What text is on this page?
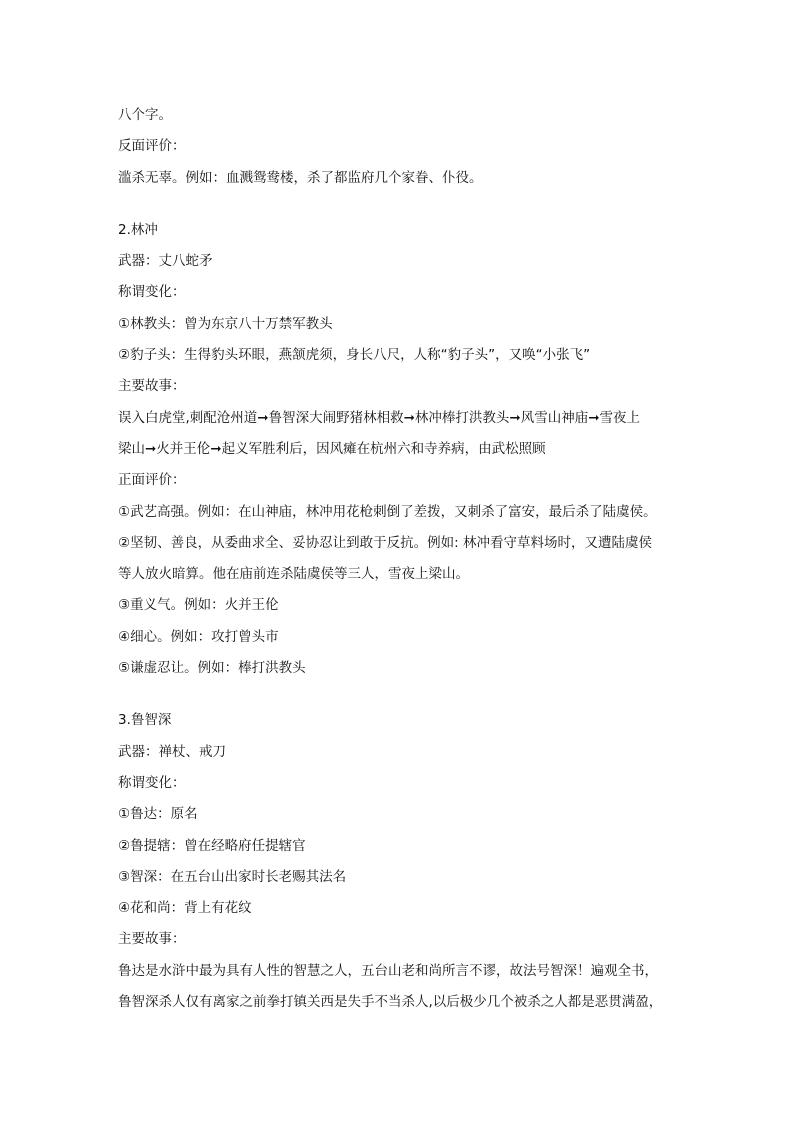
八个字。
反面评价：
滥杀无辜。例如：血溅鸳鸯楼，杀了都监府几个家眷、仆役。
2.林冲
武器：丈八蛇矛
称谓变化：
①林教头：曾为东京八十万禁军教头
②豹子头：生得豹头环眼，燕颔虎须，身长八尺，人称“豹子头”，又唤“小张飞”
主要故事：
误入白虎堂,刺配沧州道➞鲁智深大闹野猪林相救➞林冲棒打洪教头➞风雪山神庙➞雪夜上
梁山➞火并王伦➞起义军胜利后，因风瘫在杭州六和寺养病，由武松照顾
正面评价：
①武艺高强。例如：在山神庙，林冲用花枪刺倒了差拨，又刺杀了富安，最后杀了陆虞侯。
②坚韧、善良，从委曲求全、妥协忍让到敢于反抗。例如: 林冲看守草料场时，又遭陆虞侯
等人放火暗算。他在庙前连杀陆虞侯等三人，雪夜上梁山。
③重义气。例如：火并王伦
④细心。例如：攻打曾头市
⑤谦虚忍让。例如：棒打洪教头
3.鲁智深
武器：禅杖、戒刀
称谓变化：
①鲁达：原名
②鲁提辖：曾在经略府任提辖官
③智深：在五台山出家时长老赐其法名
④花和尚：背上有花纹
主要故事：
鲁达是水浒中最为具有人性的智慧之人，五台山老和尚所言不谬，故法号智深！遍观全书，
鲁智深杀人仅有离家之前拳打镇关西是失手不当杀人,以后极少几个被杀之人都是恶贯满盈，
